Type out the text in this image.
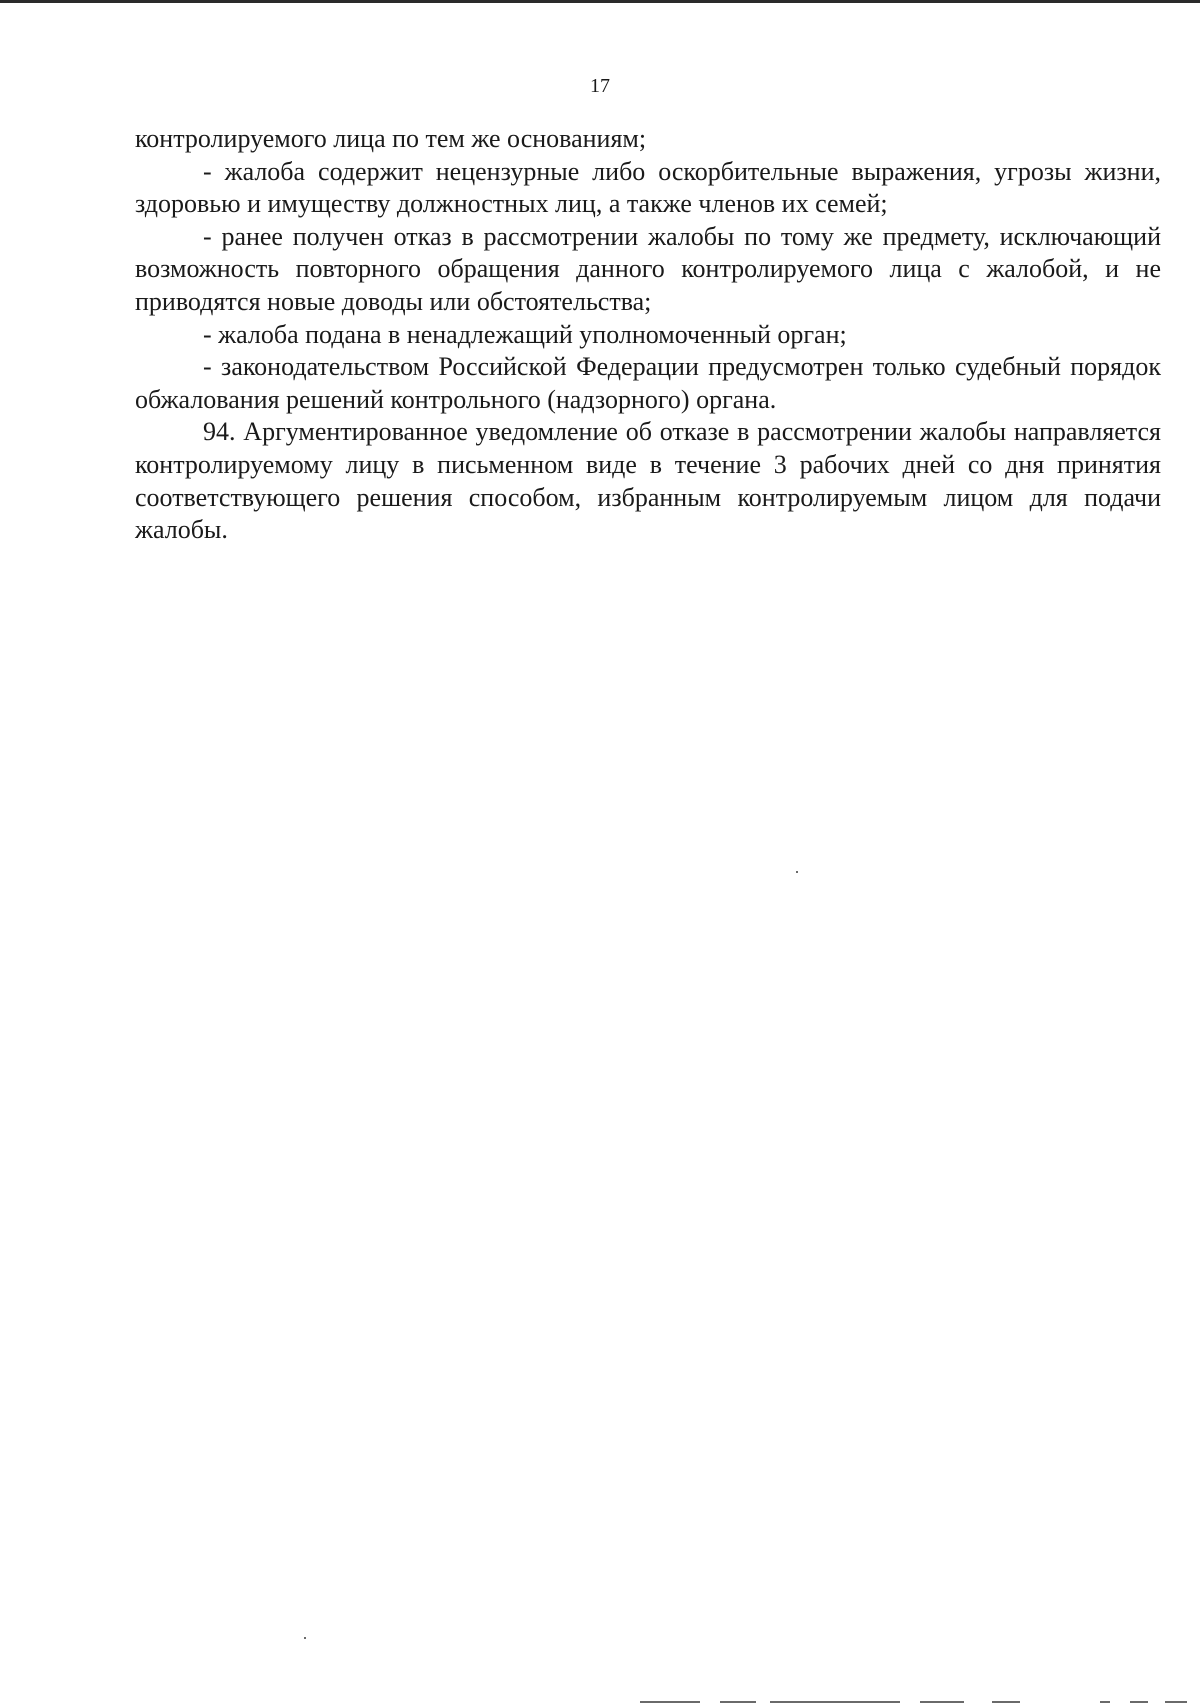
17

контролируемого лица по тем же основаниям;

- жалоба содержит нецензурные либо оскорбительные выражения, угрозы жизни, здоровью и имуществу должностных лиц, а также членов их семей;

- ранее получен отказ в рассмотрении жалобы по тому же предмету, исключающий возможность повторного обращения данного контролируемого лица с жалобой, и не приводятся новые доводы или обстоятельства;

- жалоба подана в ненадлежащий уполномоченный орган;

- законодательством Российской Федерации предусмотрен только судебный порядок обжалования решений контрольного (надзорного) органа.

94. Аргументированное уведомление об отказе в рассмотрении жалобы направляется контролируемому лицу в письменном виде в течение 3 рабочих дней со дня принятия соответствующего решения способом, избранным контролируемым лицом для подачи жалобы.
